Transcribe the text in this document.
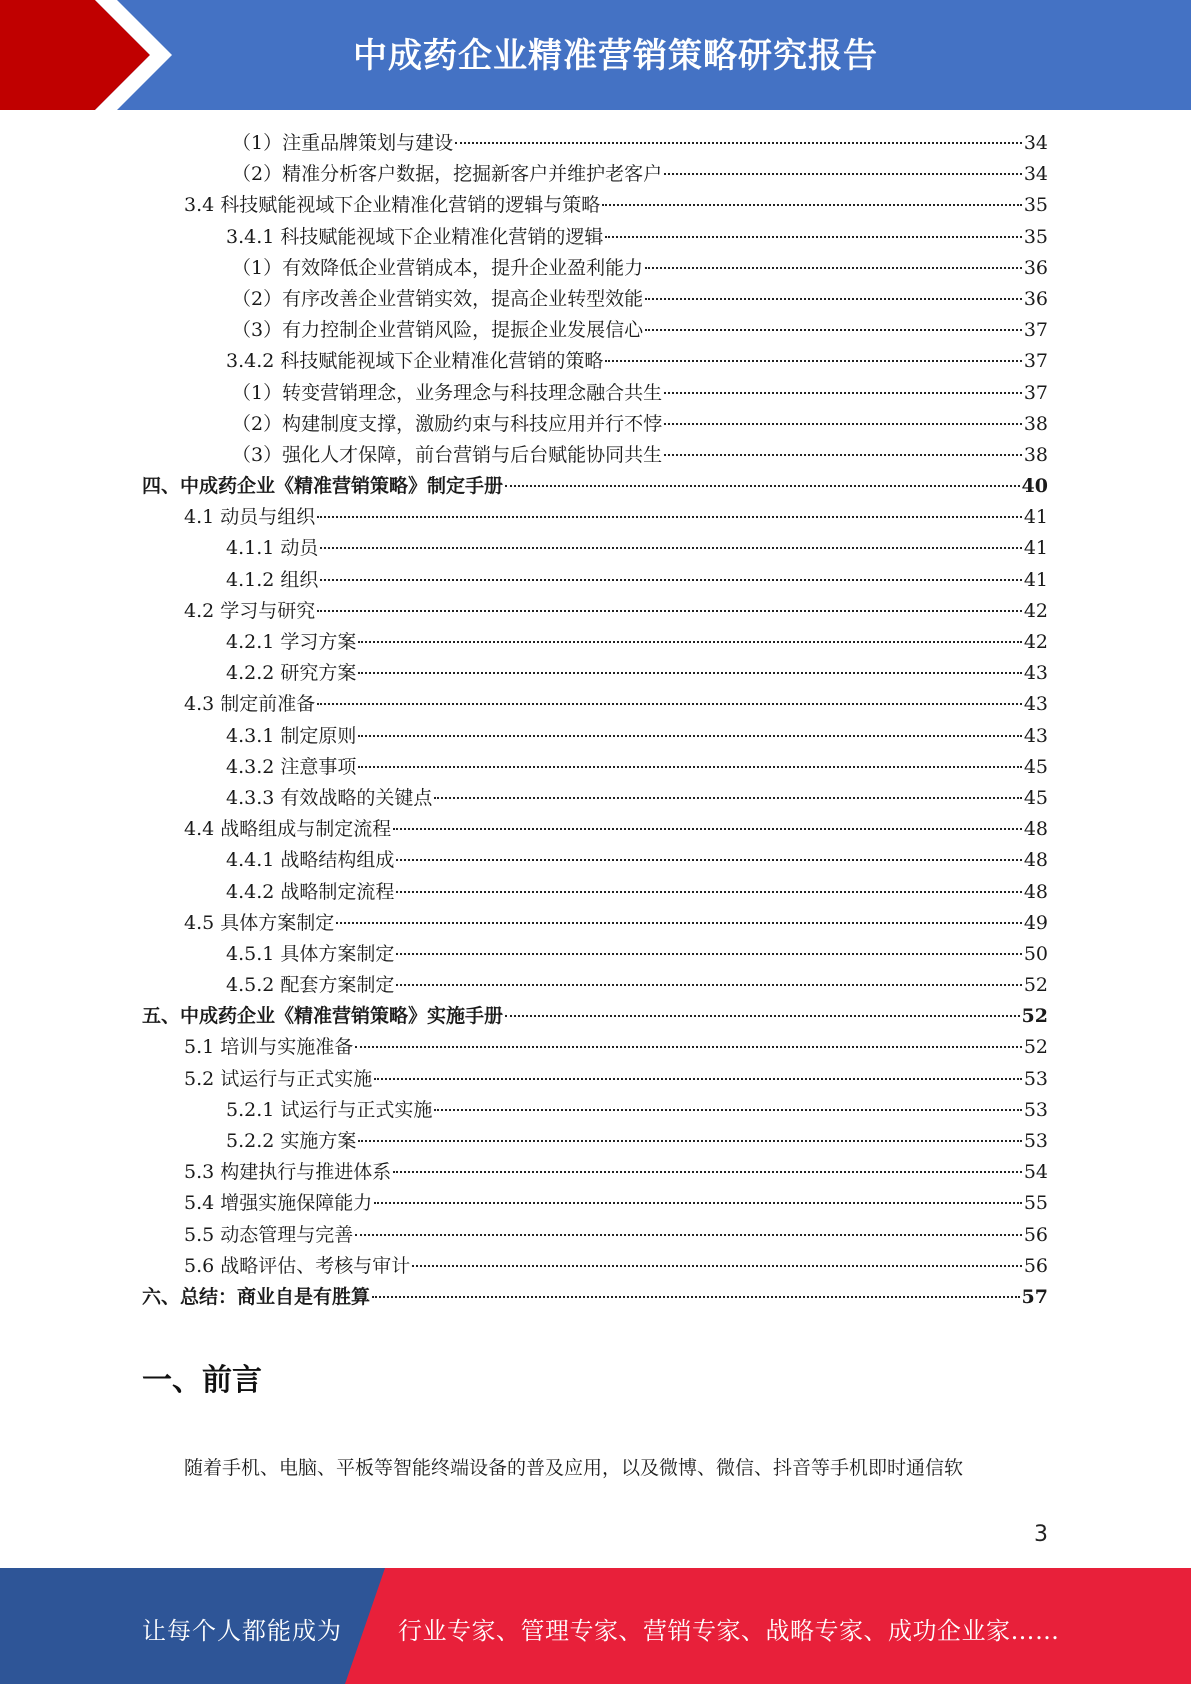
中成药企业精准营销策略研究报告
（1）注重品牌策划与建设	34
（2）精准分析客户数据，挖掘新客户并维护老客户	34
3.4 科技赋能视域下企业精准化营销的逻辑与策略	35
3.4.1 科技赋能视域下企业精准化营销的逻辑	35
（1）有效降低企业营销成本，提升企业盈利能力	36
（2）有序改善企业营销实效，提高企业转型效能	36
（3）有力控制企业营销风险，提振企业发展信心	37
3.4.2 科技赋能视域下企业精准化营销的策略	37
（1）转变营销理念，业务理念与科技理念融合共生	37
（2）构建制度支撑，激励约束与科技应用并行不悖	38
（3）强化人才保障，前台营销与后台赋能协同共生	38
四、中成药企业《精准营销策略》制定手册	40
4.1 动员与组织	41
4.1.1 动员	41
4.1.2 组织	41
4.2 学习与研究	42
4.2.1 学习方案	42
4.2.2 研究方案	43
4.3 制定前准备	43
4.3.1 制定原则	43
4.3.2 注意事项	45
4.3.3 有效战略的关键点	45
4.4 战略组成与制定流程	48
4.4.1 战略结构组成	48
4.4.2 战略制定流程	48
4.5 具体方案制定	49
4.5.1 具体方案制定	50
4.5.2 配套方案制定	52
五、中成药企业《精准营销策略》实施手册	52
5.1 培训与实施准备	52
5.2 试运行与正式实施	53
5.2.1 试运行与正式实施	53
5.2.2 实施方案	53
5.3 构建执行与推进体系	54
5.4 增强实施保障能力	55
5.5 动态管理与完善	56
5.6 战略评估、考核与审计	56
六、总结：商业自是有胜算	57
一、前言
随着手机、电脑、平板等智能终端设备的普及应用，以及微博、微信、抖音等手机即时通信软
3
让每个人都能成为 行业专家、管理专家、营销专家、战略专家、成功企业家……
